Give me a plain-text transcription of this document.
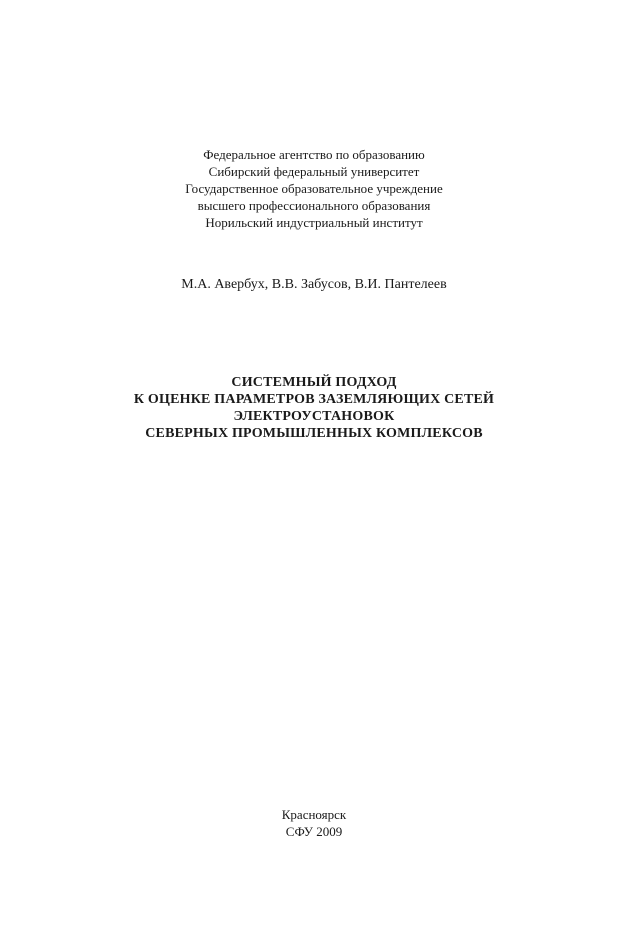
Федеральное агентство по образованию
Сибирский федеральный университет
Государственное образовательное учреждение
высшего профессионального образования
Норильский индустриальный институт
М.А. Авербух, В.В. Забусов, В.И. Пантелеев
СИСТЕМНЫЙ ПОДХОД
К ОЦЕНКЕ ПАРАМЕТРОВ ЗАЗЕМЛЯЮЩИХ СЕТЕЙ
ЭЛЕКТРОУСТАНОВОК
СЕВЕРНЫХ ПРОМЫШЛЕННЫХ КОМПЛЕКСОВ
Красноярск
СФУ 2009
